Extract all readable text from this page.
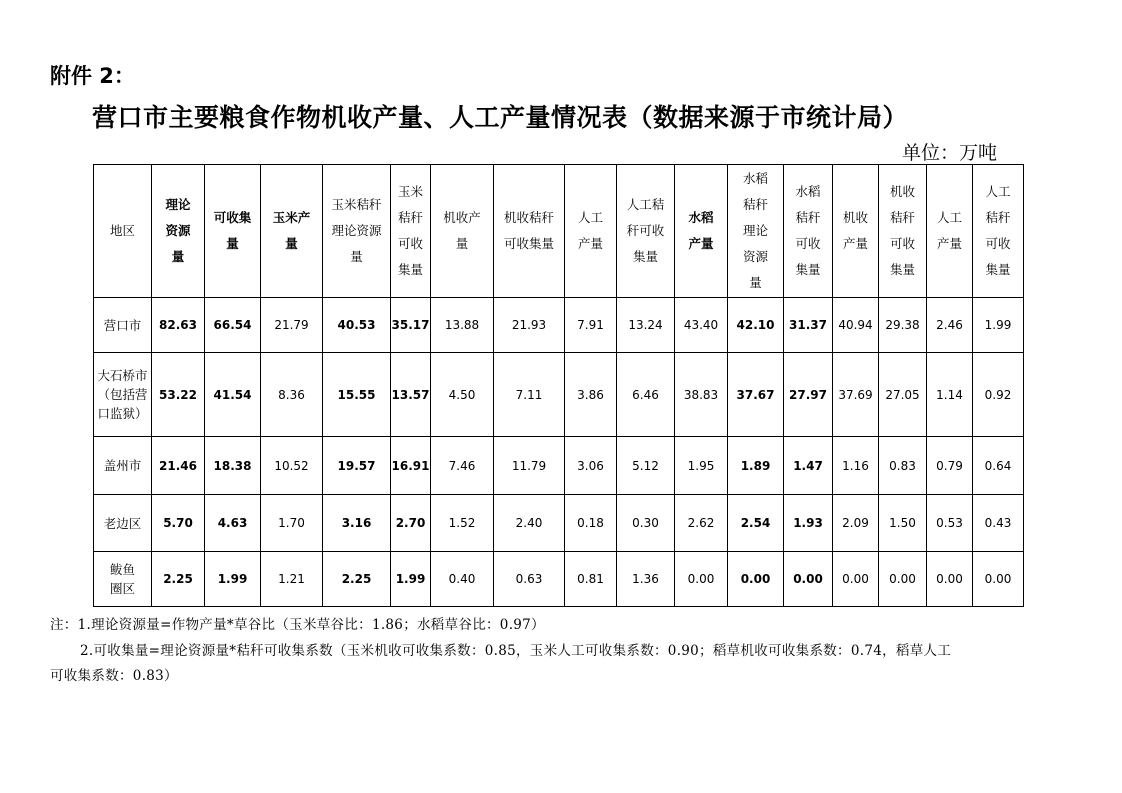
附件 2：
营口市主要粮食作物机收产量、人工产量情况表（数据来源于市统计局）
单位：万吨
地区	理论资源量	可收集量	玉米产量	玉米秸秆理论资源量	玉米秸秆可收集量	机收产量	机收秸秆可收集量	人工产量	人工秸秆可收集量	水稻产量	水稻秸秆理论资源量	水稻秸秆可收集量	机收产量	机收秸秆可收集量	人工产量	人工秸秆可收集量

营口市	82.63	66.54	21.79	40.53	35.17	13.88	21.93	7.91	13.24	43.40	42.10	31.37	40.94	29.38	2.46	1.99

大石桥市（包括营口监狱）	53.22	41.54	8.36	15.55	13.57	4.50	7.11	3.86	6.46	38.83	37.67	27.97	37.69	27.05	1.14	0.92
盖州市	21.46	18.38	10.52	19.57	16.91	7.46	11.79	3.06	5.12	1.95	1.89	1.47	1.16	0.83	0.79	0.64
老边区	5.70	4.63	1.70	3.16	2.70	1.52	2.40	0.18	0.30	2.62	2.54	1.93	2.09	1.50	0.53	0.43

鲅鱼圈区	2.25	1.99	1.21	2.25	1.99	0.40	0.63	0.81	1.36	0.00	0.00	0.00	0.00	0.00	0.00	0.00
注：1.理论资源量=作物产量*草谷比（玉米草谷比：1.86；水稻草谷比：0.97）
2.可收集量=理论资源量*秸秆可收集系数（玉米机收可收集系数：0.85，玉米人工可收集系数：0.90；稻草机收可收集系数：0.74，稻草人工
可收集系数：0.83）
